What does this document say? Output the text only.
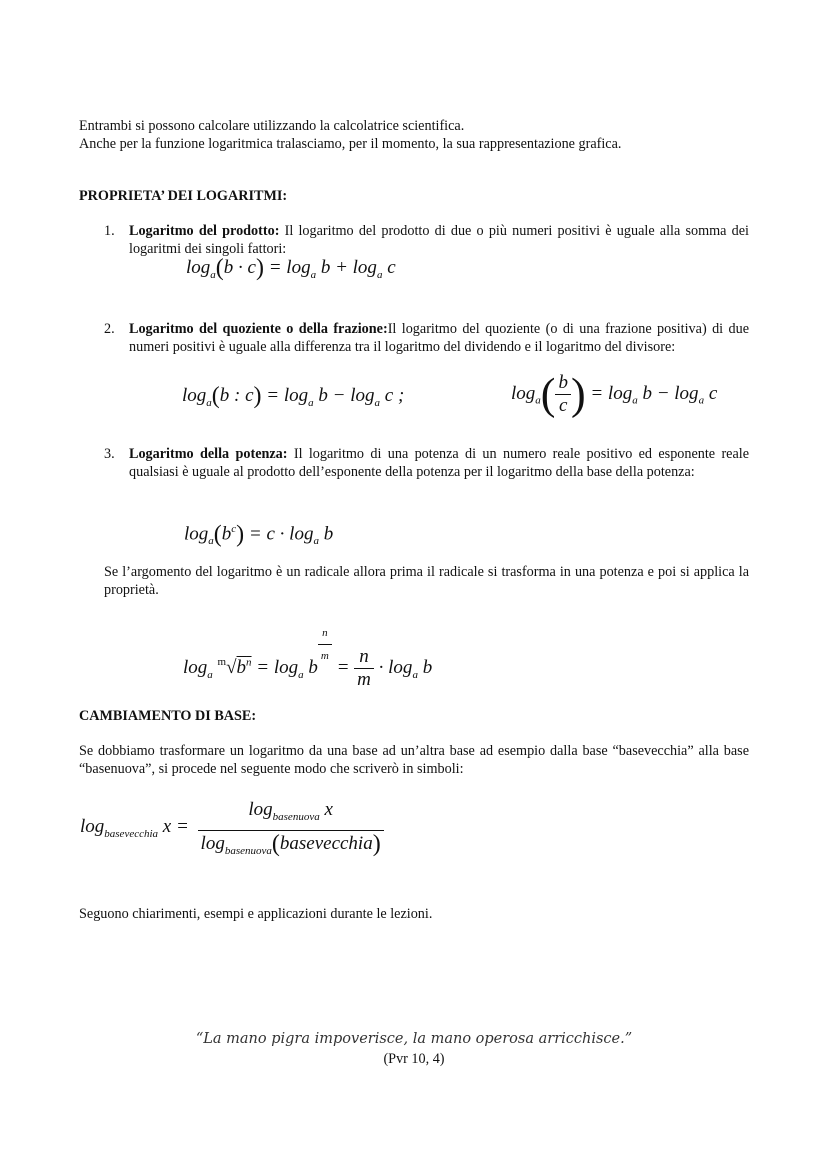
Entrambi si possono calcolare utilizzando la calcolatrice scientifica.
Anche per la funzione logaritmica tralasciamo, per il momento, la sua rappresentazione grafica.
PROPRIETA’ DEI LOGARITMI:
1. Logaritmo del prodotto: Il logaritmo del prodotto di due o più numeri positivi è uguale alla somma dei logaritmi dei singoli fattori:
$\log_a(b \cdot c) = \log_a b + \log_a c$
2. Logaritmo del quoziente o della frazione:Il logaritmo del quoziente (o di una frazione positiva) di due numeri positivi è uguale alla differenza tra il logaritmo del dividendo e il logaritmo del divisore:
$\log_a(b$ : $c) = \log_a b - \log_a c$ ;	$\log_a( \frac{b}{c}$ ) = $\log_a b - \log_a c$
3. Logaritmo della potenza: Il logaritmo di una potenza di un numero reale positivo ed esponente reale qualsiasi è uguale al prodotto dell’esponente della potenza per il logaritmo della base della potenza:
$\log_a(b^c) = c \cdot \log_a b$
Se l’argomento del logaritmo è un radicale allora prima il radicale si trasforma in una potenza e poi si applica la proprietà.
$\log_a ^m√b^n = \log_a b$
$\frac{n}{m}$
= $\frac{n}{m} \cdot \log_a b$
CAMBIAMENTO DI BASE:
Se dobbiamo trasformare un logaritmo da una base ad un’altra base ad esempio dalla base “basevecchia” alla base “basenuova”, si procede nel seguente modo che scriverò in simboli:
$\log_{basevecchia} x = \frac{\log_{basenuova} x}{\log_{basenuova}(basevecchia)}$
Seguono chiarimenti, esempi e applicazioni durante le lezioni.
“La mano pigra impoverisce, la mano operosa arricchisce.”
(Pvr 10, 4)
